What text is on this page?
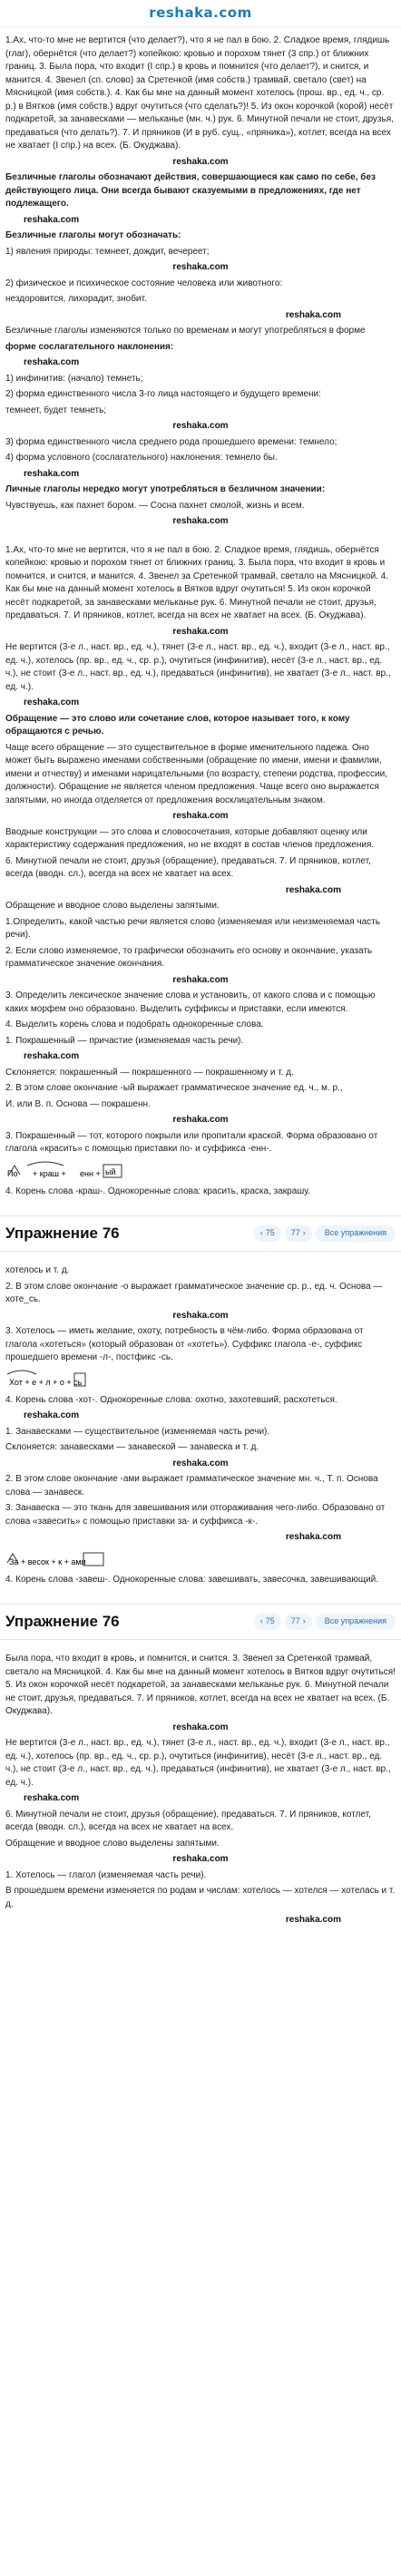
reshaka.com

1.Ах, что-то мне не вертится (что делает?), что я не пал в бою. 2. Сладкое время, глядишь (глаг), обернётся (что делает?) копейкою: кровью и порохом тянет (3 спр.) от ближних границ. 3. Была пора, что входит (I спр.) в кровь и помнится (что делает?), и снится, и манится. 4. Звенел (сп. слово) за Сретенкой (имя собств.) трамвай, светало (свет) на Мясницкой (имя собств.). 4. Как бы мне на данный момент хотелось (прош. вр., ед. ч., ср. р.) в Вятков (имя собств.) вдруг очутиться (что сделать?)! 5. Из окон корочкой (корой) несёт подкаретой, за занавесками — мельканье (мн. ч.) рук. 6. Минутной печали не стоит, друзья, предаваться (что делать?). 7. И пряников (И в руб. сущ., «пряника»), котлет, всегда на всех не хватает (I спр.) на всех. (Б. Окуджава).

reshaka.com

Безличные глаголы обозначают действия, совершающиеся как само по себе, без действующего лица. Они всегда бывают сказуемыми в предложениях, где нет подлежащего.

reshaka.com

Безличные глаголы могут обозначать:

1) явления природы: темнеет, дождит, вечереет;

reshaka.com

2) физическое и психическое состояние человека или животного:

нездоровится, лихорадит, знобит.

reshaka.com

Безличные глаголы изменяются только по временам и могут употребляться в форме

форме сослагательного наклонения:

reshaka.com

1) инфинитив: (начало) темнеть;

2) форма единственного числа 3-го лица настоящего и будущего времени:

темнеет, будет темнеть;

reshaka.com

3) форма единственного числа среднего рода прошедшего времени: темнело;

4) форма условного (сослагательного) наклонения: темнело бы.

reshaka.com

Личные глаголы нередко могут употребляться в безличном значении:

Чувствуешь, как пахнет бором. — Сосна пахнет смолой, жизнь и всем.

reshaka.com

1.Ах, что-то мне не вертится, что я не пал в бою. 2. Сладкое время, глядишь, обернётся копейкою: кровью и порохом тянет от ближних границ. 3. Была пора, что входит в кровь и помнится, и снится, и манится. 4. Звенел за Сретенкой трамвай, светало на Мясницкой. 4. Как бы мне на данный момент хотелось в Вятков вдруг очутиться! 5. Из окон корочкой несёт подкаретой, за занавесками мельканье рук. 6. Минутной печали не стоит, друзья, предаваться. 7. И пряников, котлет, всегда на всех не хватает на всех. (Б. Окуджава).

reshaka.com

Не вертится (3-е л., наст. вр., ед. ч.), тянет (3-е л., наст. вр., ед. ч.), входит (3-е л., наст. вр., ед. ч.), хотелось (пр. вр., ед. ч., ср. р.), очутиться (инфинитив), несёт (3-е л., наст. вр., ед. ч.), не стоит (3-е л., наст. вр., ед. ч.), предаваться (инфинитив), не хватает (3-е л., наст. вр., ед. ч.).

reshaka.com

Обращение — это слово или сочетание слов, которое называет того, к кому обращаются с речью.

Чаще всего обращение — это существительное в форме именительного падежа. Оно может быть выражено именами собственными (обращение по имени, имени и фамилии, имени и отчеству) и именами нарицательными (по возрасту, степени родства, профессии, должности). Обращение не является членом предложения. Чаще всего оно выражается запятыми, но иногда отделяется от предложения восклицательным знаком.

reshaka.com

Вводные конструкции — это слова и словосочетания, которые добавляют оценку или характеристику содержания предложения, но не входят в состав членов предложения.

6. Минутной печали не стоит, друзья (обращение), предаваться. 7. И пряников, котлет, всегда (вводн. сл.), всегда на всех не хватает на всех.

reshaka.com

Обращение и вводное слово выделены запятыми.

1.Определить, какой частью речи является слово (изменяемая или неизменяемая часть речи).

2. Если слово изменяемое, то графически обозначить его основу и окончание, указать грамматическое значение окончания.

reshaka.com

3. Определить лексическое значение слова и установить, от какого слова и с помощью каких морфем оно образовано. Выделить суффиксы и приставки, если имеются.

4. Выделить корень слова и подобрать однокоренные слова.

1. Покрашенный — причастие (изменяемая часть речи).

reshaka.com

Склоняется: покрашенный — покрашенного — покрашенному и т. д.

2. В этом слове окончание -ый выражает грамматическое значение ед. ч., м. р.,

И. или В. п. Основа — покрашенн.

reshaka.com

3. Покрашенный — тот, которого покрыли или пропитали краской. Форма образовано от глагола «красить» с помощью приставки по- и суффикса -енн-.

По + краш + енн + ый

4. Корень слова -краш-. Однокоренные слова: красить, краска, закрашу.

Упражнение 76	‹ 75 77 ›	Все упражнения

хотелось и т. д.

2. В этом слове окончание -о выражает грамматическое значение ср. р., ед. ч. Основа — хоте_сь.

reshaka.com

3. Хотелось — иметь желание, охоту, потребность в чём-либо. Форма образована от глагола «хотеться» (который образован от «хотеть»). Суффикс глагола -е-, суффикс прошедшего времени -л-, постфикс -сь.

Хот + е + л + о + сь

4. Корень слова -хот-. Однокоренные слова: охотно, захотевший, расхотеться.

reshaka.com

1. Занавесками — существительное (изменяемая часть речи).

Склоняется: занавесками — занавеской — занавеска и т. д.

reshaka.com

2. В этом слове окончание -ами выражает грамматическое значение мн. ч., Т. п. Основа слова — занавеск.

3. Занавеска — это ткань для завешивания или отгораживания чего-либо. Образовано от слова «завесить» с помощью приставки за- и суффикса -к-.

reshaka.com
За + весок + к + ами

4. Корень слова -завеш-. Однокоренные слова: завешивать, завесочка, завешивающий.

Упражнение 76	‹ 75 77 ›	Все упражнения

Была пора, что входит в кровь, и помнится, и снится. 3. Звенел за Сретенкой трамвай, светало на Мясницкой. 4. Как бы мне на данный момент хотелось в Вятков вдруг очутиться! 5. Из окон корочкой несёт подкаретой, за занавесками мельканье рук. 6. Минутной печали не стоит, друзья, предаваться. 7. И пряников, котлет, всегда на всех не хватает на всех. (Б. Окуджава).

reshaka.com

Не вертится (3-е л., наст. вр., ед. ч.), тянет (3-е л., наст. вр., ед. ч.), входит (3-е л., наст. вр., ед. ч.), хотелось (пр. вр., ед. ч., ср. р.), очутиться (инфинитив), несёт (3-е л., наст. вр., ед. ч.), не стоит (3-е л., наст. вр., ед. ч.), предаваться (инфинитив), не хватает (3-е л., наст. вр., ед. ч.).

reshaka.com

6. Минутной печали не стоит, друзья (обращение), предаваться. 7. И пряников, котлет, всегда (вводн. сл.), всегда на всех не хватает на всех.

Обращение и вводное слово выделены запятыми.

reshaka.com

1. Хотелось — глагол (изменяемая часть речи).

В прошедшем времени изменяется по родам и числам: хотелось — хотелся — хотелась и т. д.

reshaka.com
